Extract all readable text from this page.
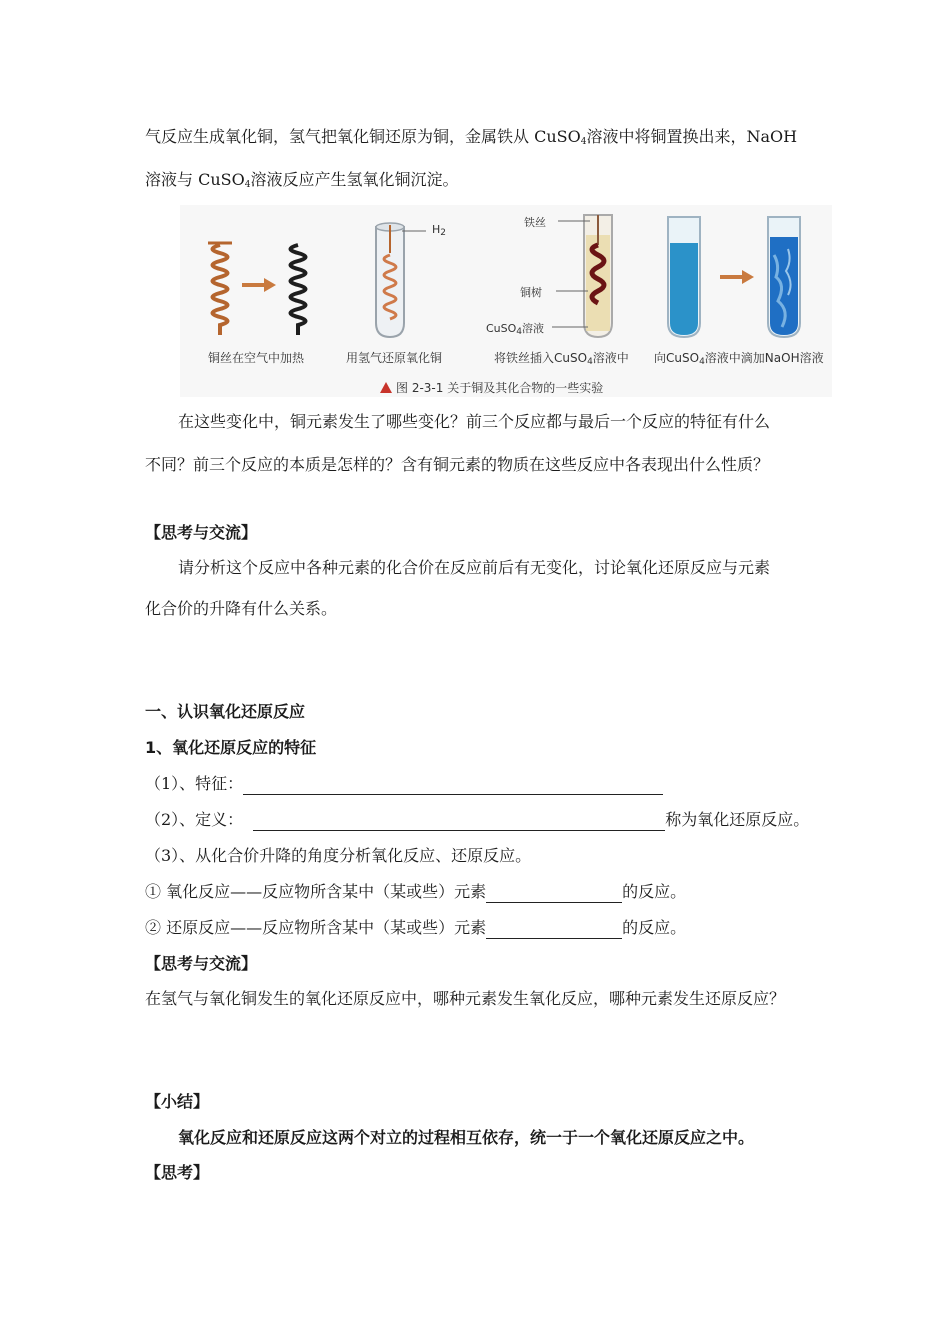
气反应生成氧化铜，氢气把氧化铜还原为铜，金属铁从 CuSO$_4$溶液中将铜置换出来，NaOH
溶液与 CuSO$_4$溶液反应产生氢氧化铜沉淀。
$H_2$
铁丝
铜树
CuSO$_4$溶液
铜丝在空气中加热	用氢气还原氧化铜	将铁丝插入CuSO$_4$溶液中 向CuSO$_4$溶液中滴加NaOH溶液
图 2-3-1 关于铜及其化合物的一些实验
在这些变化中，铜元素发生了哪些变化？前三个反应都与最后一个反应的特征有什么
不同？前三个反应的本质是怎样的？含有铜元素的物质在这些反应中各表现出什么性质？
【思考与交流】
请分析这个反应中各种元素的化合价在反应前后有无变化，讨论氧化还原反应与元素
化合价的升降有什么关系。
一、认识氧化还原反应
1、氧化还原反应的特征
（1）、特征：
（2）、定义：	称为氧化还原反应。
（3）、从化合价升降的角度分析氧化反应、还原反应。
① 氧化反应——反应物所含某中（某或些）元素	的反应。
② 还原反应——反应物所含某中（某或些）元素	的反应。
【思考与交流】
在氢气与氧化铜发生的氧化还原反应中，哪种元素发生氧化反应，哪种元素发生还原反应？
【小结】
氧化反应和还原反应这两个对立的过程相互依存，统一于一个氧化还原反应之中。
【思考】
